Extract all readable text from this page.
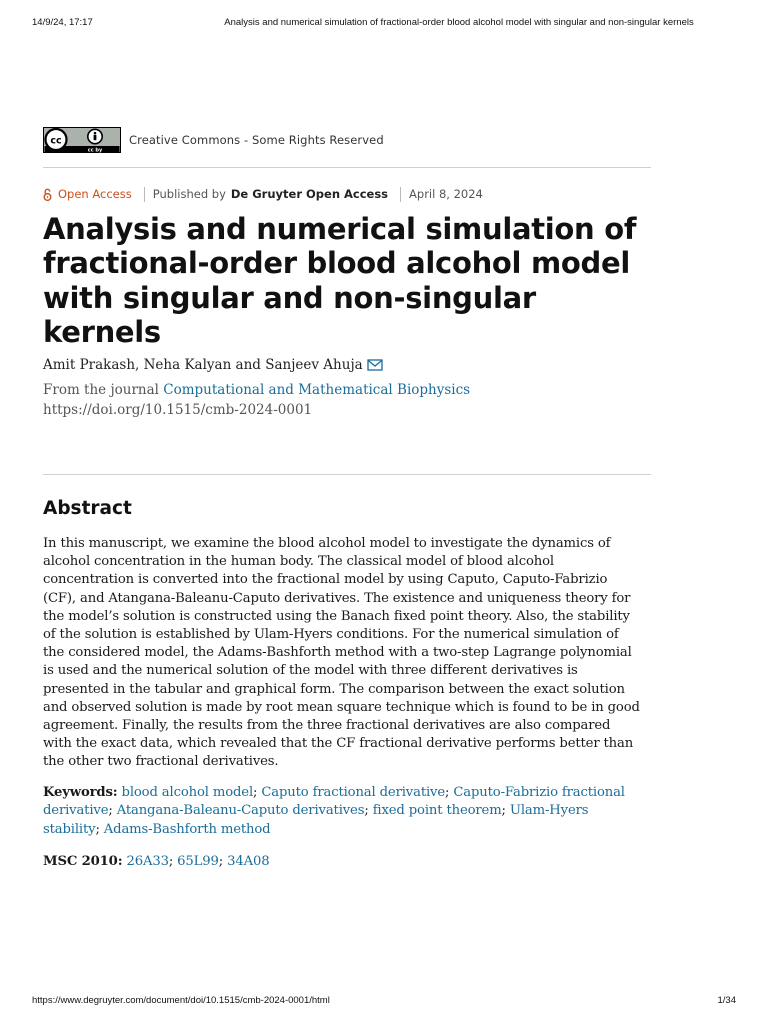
14/9/24, 17:17	Analysis and numerical simulation of fractional-order blood alcohol model with singular and non-singular kernels
cc
cc by
Creative Commons - Some Rights Reserved
Open Access Published by De Gruyter Open Access April 8, 2024
Analysis and numerical simulation of
fractional-order blood alcohol model
with singular and non-singular
kernels
Amit Prakash, Neha Kalyan and Sanjeev Ahuja
From the journal Computational and Mathematical Biophysics
https://doi.org/10.1515/cmb-2024-0001
Abstract
In this manuscript, we examine the blood alcohol model to investigate the dynamics of
alcohol concentration in the human body. The classical model of blood alcohol
concentration is converted into the fractional model by using Caputo, Caputo-Fabrizio
(CF), and Atangana-Baleanu-Caputo derivatives. The existence and uniqueness theory for
the model’s solution is constructed using the Banach fixed point theory. Also, the stability
of the solution is established by Ulam-Hyers conditions. For the numerical simulation of
the considered model, the Adams-Bashforth method with a two-step Lagrange polynomial
is used and the numerical solution of the model with three different derivatives is
presented in the tabular and graphical form. The comparison between the exact solution
and observed solution is made by root mean square technique which is found to be in good
agreement. Finally, the results from the three fractional derivatives are also compared
with the exact data, which revealed that the CF fractional derivative performs better than
the other two fractional derivatives.
Keywords: blood alcohol model; Caputo fractional derivative; Caputo-Fabrizio fractional
derivative; Atangana-Baleanu-Caputo derivatives; fixed point theorem; Ulam-Hyers
stability; Adams-Bashforth method
MSC 2010: 26A33; 65L99; 34A08
https://www.degruyter.com/document/doi/10.1515/cmb-2024-0001/html	1/34
